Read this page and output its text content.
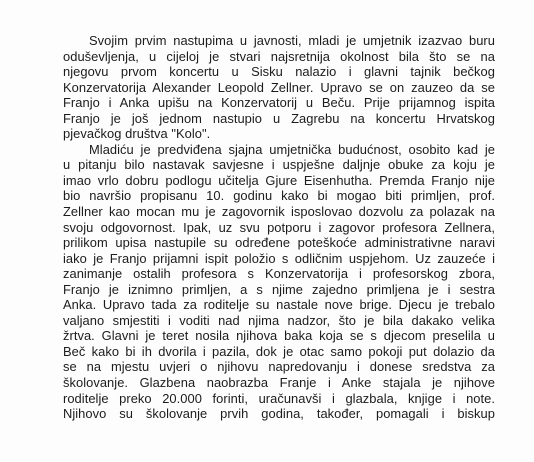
Svojim prvim nastupima u javnosti, mladi je umjetnik izazvao buru
oduševljenja, u cijeloj je stvari najsretnija okolnost bila što se na
njegovu prvom koncertu u Sisku nalazio i glavni tajnik bečkog
Konzervatorija Alexander Leopold Zellner. Upravo se on zauzeo da se
Franjo i Anka upišu na Konzervatorij u Beču. Prije prijamnog ispita
Franjo je još jednom nastupio u Zagrebu na koncertu Hrvatskog
pjevačkog društva "Kolo".
Mladiću je predviđena sjajna umjetnička budućnost, osobito kad je
u pitanju bilo nastavak savjesne i uspješne daljnje obuke za koju je
imao vrlo dobru podlogu učitelja Gjure Eisenhutha. Premda Franjo nije
bio navršio propisanu 10. godinu kako bi mogao biti primljen, prof.
Zellner kao mocan mu je zagovornik isposlovao dozvolu za polazak na
svoju odgovornost. Ipak, uz svu potporu i zagovor profesora Zellnera,
prilikom upisa nastupile su određene poteškoće administrativne naravi
iako je Franjo prijamni ispit položio s odličnim uspjehom. Uz zauzeće i
zanimanje ostalih profesora s Konzervatorija i profesorskog zbora,
Franjo je iznimno primljen, a s njime zajedno primljena je i sestra
Anka. Upravo tada za roditelje su nastale nove brige. Djecu je trebalo
valjano smjestiti i voditi nad njima nadzor, što je bila dakako velika
žrtva. Glavni je teret nosila njihova baka koja se s djecom preselila u
Beč kako bi ih dvorila i pazila, dok je otac samo pokoji put dolazio da
se na mjestu uvjeri o njihovu napredovanju i donese sredstva za
školovanje. Glazbena naobrazba Franje i Anke stajala je njihove
roditelje preko 20.000 forinti, uračunavši i glazbala, knjige i note.
Njihovo su školovanje prvih godina, također, pomagali i biskup
